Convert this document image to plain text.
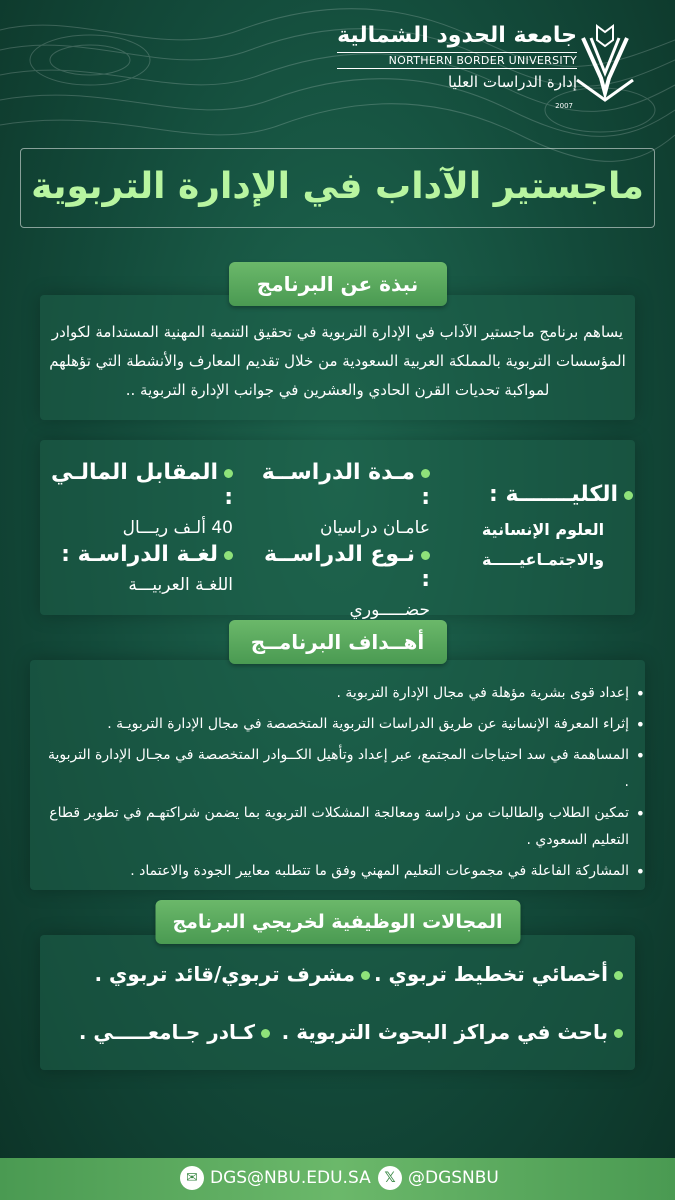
جامعة الحدود الشمالية
NORTHERN BORDER UNIVERSITY
إدارة الدراسات العليا
2007
ماجستير الآداب في الإدارة التربوية
نبذة عن البرنامج
يساهم برنامج ماجستير الآداب في الإدارة التربوية في تحقيق التنمية المهنية المستدامة لكوادر المؤسسات التربوية بالمملكة العربية السعودية من خلال تقديم المعارف والأنشطة التي تؤهلهم لمواكبة تحديات القرن الحادي والعشرين في جوانب الإدارة التربوية ..
الكليـــــــة :
العلوم الإنسانية والاجتمـاعيـــــة
مـدة الدراســة :
عامـان دراسيان
نـوع الدراســة :
حضـــــوري
المقابل المالـي :
40 ألـف ريـــال
لغـة الدراسـة :
اللغـة العربيـــة
أهــداف البرنامــج
• إعداد قوى بشرية مؤهلة في مجال الإدارة التربوية .
• إثراء المعرفة الإنسانية عن طريق الدراسات التربوية المتخصصة في مجال الإدارة التربويـة .
• المساهمة في سد احتياجات المجتمع، عبر إعداد وتأهيل الكــوادر المتخصصة في مجـال الإدارة التربوية .
• تمكين الطلاب والطالبات من دراسة ومعالجة المشكلات التربوية بما يضمن شراكتهـم في تطوير قطاع التعليم السعودي .
• المشاركة الفاعلة في مجموعات التعليم المهني وفق ما تتطلبه معايير الجودة والاعتماد .
المجالات الوظيفية لخريجي البرنامج
أخصائي تخطيط تربوي .
مشرف تربوي/قائد تربوي .
باحث في مراكز البحوث التربوية .
كـادر جـامعـــــي .
✉ DGS@NBU.EDU.SA 𝕏 @DGSNBU
